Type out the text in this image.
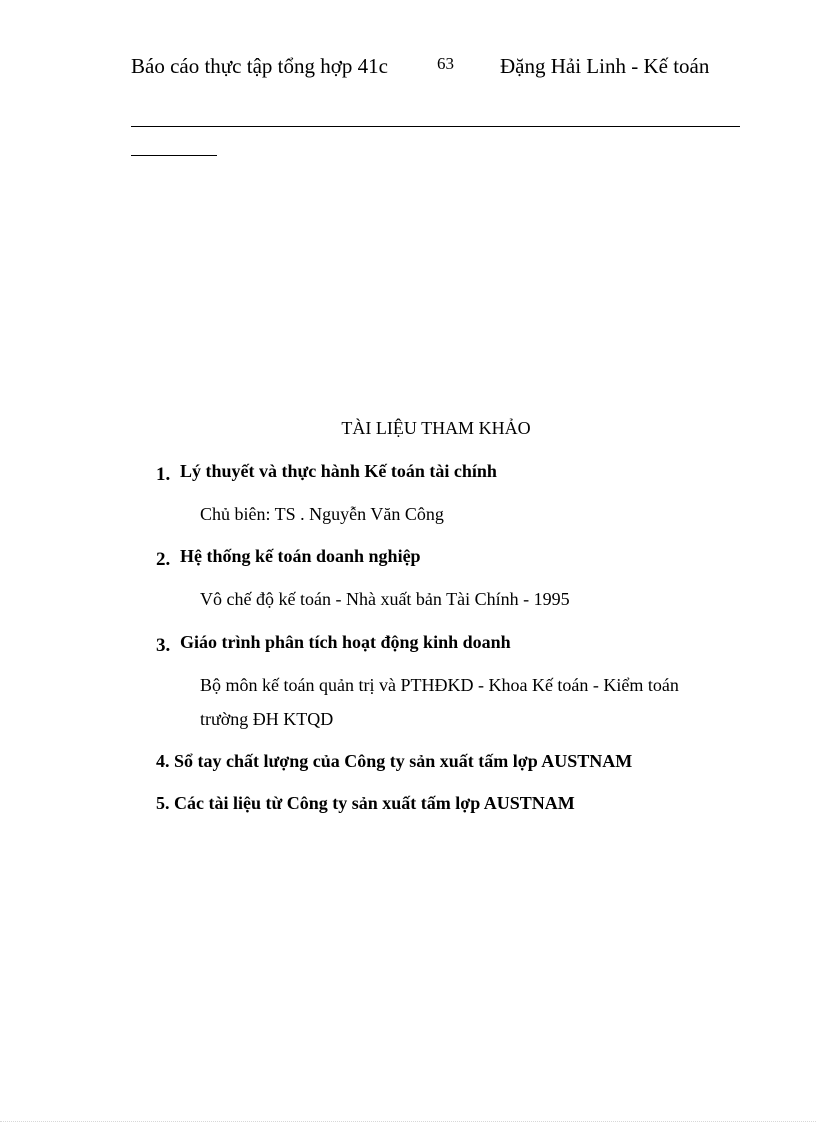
Báo cáo thực tập tổng hợp 41c	63 Đặng Hải Linh - Kế toán
TÀI LIỆU THAM KHẢO
1. Lý thuyết và thực hành Kế toán tài chính
Chủ biên: TS . Nguyễn Văn Công
2. Hệ thống kế toán doanh nghiệp
Vô chế độ kế toán - Nhà xuất bản Tài Chính - 1995
3. Giáo trình phân tích hoạt động kinh doanh
Bộ môn kế toán quản trị và PTHĐKD - Khoa Kế toán - Kiểm toán
trường ĐH KTQD
4. Sổ tay chất lượng của Công ty sản xuất tấm lợp AUSTNAM
5. Các tài liệu từ Công ty sản xuất tấm lợp AUSTNAM
